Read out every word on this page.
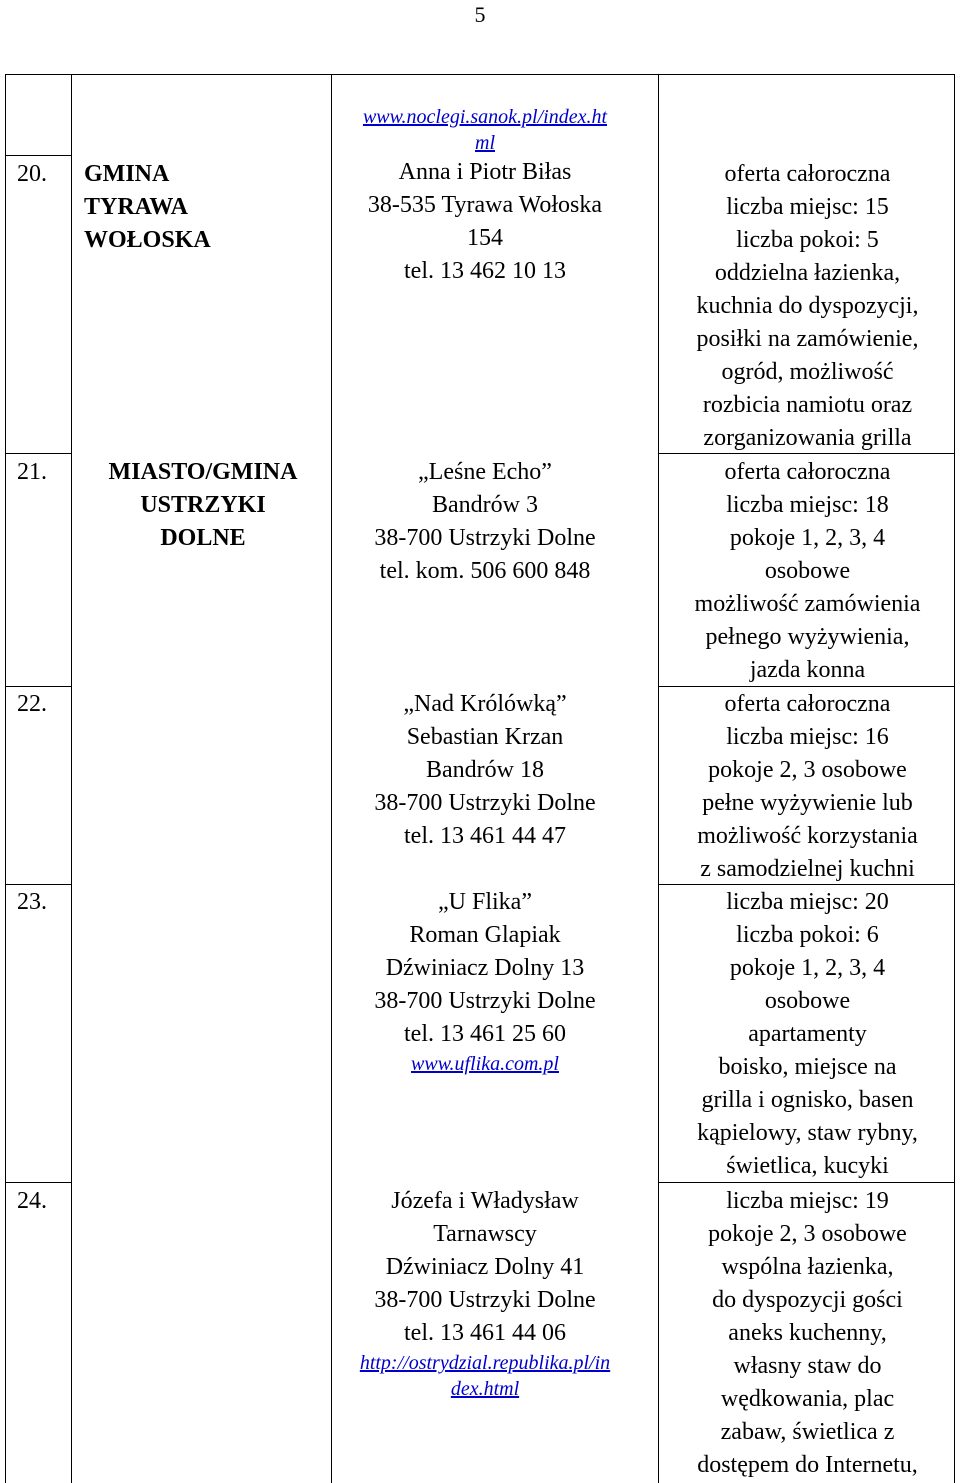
5
20.
21.
22.
23.
24.
GMINA
TYRAWA
WOŁOSKA
MIASTO/GMINA
USTRZYKI
DOLNE
www.noclegi.sanok.pl/index.ht
ml
Anna i Piotr Biłas
38-535 Tyrawa Wołoska
154
tel. 13 462 10 13
„Leśne Echo”
Bandrów 3
38-700 Ustrzyki Dolne
tel. kom. 506 600 848
„Nad Królówką”
Sebastian Krzan
Bandrów 18
38-700 Ustrzyki Dolne
tel. 13 461 44 47
„U Flika”
Roman Glapiak
Dźwiniacz Dolny 13
38-700 Ustrzyki Dolne
tel. 13 461 25 60
www.uflika.com.pl
Józefa i Władysław
Tarnawscy
Dźwiniacz Dolny 41
38-700 Ustrzyki Dolne
tel. 13 461 44 06
http://ostrydzial.republika.pl/in
dex.html
oferta całoroczna
liczba miejsc: 15
liczba pokoi: 5
oddzielna łazienka,
kuchnia do dyspozycji,
posiłki na zamówienie,
ogród, możliwość
rozbicia namiotu oraz
zorganizowania grilla
oferta całoroczna
liczba miejsc: 18
pokoje 1, 2, 3, 4
osobowe
możliwość zamówienia
pełnego wyżywienia,
jazda konna
oferta całoroczna
liczba miejsc: 16
pokoje 2, 3 osobowe
pełne wyżywienie lub
możliwość korzystania
z samodzielnej kuchni
liczba miejsc: 20
liczba pokoi: 6
pokoje 1, 2, 3, 4
osobowe
apartamenty
boisko, miejsce na
grilla i ognisko, basen
kąpielowy, staw rybny,
świetlica, kucyki
liczba miejsc: 19
pokoje 2, 3 osobowe
wspólna łazienka,
do dyspozycji gości
aneks kuchenny,
własny staw do
wędkowania, plac
zabaw, świetlica z
dostępem do Internetu,
